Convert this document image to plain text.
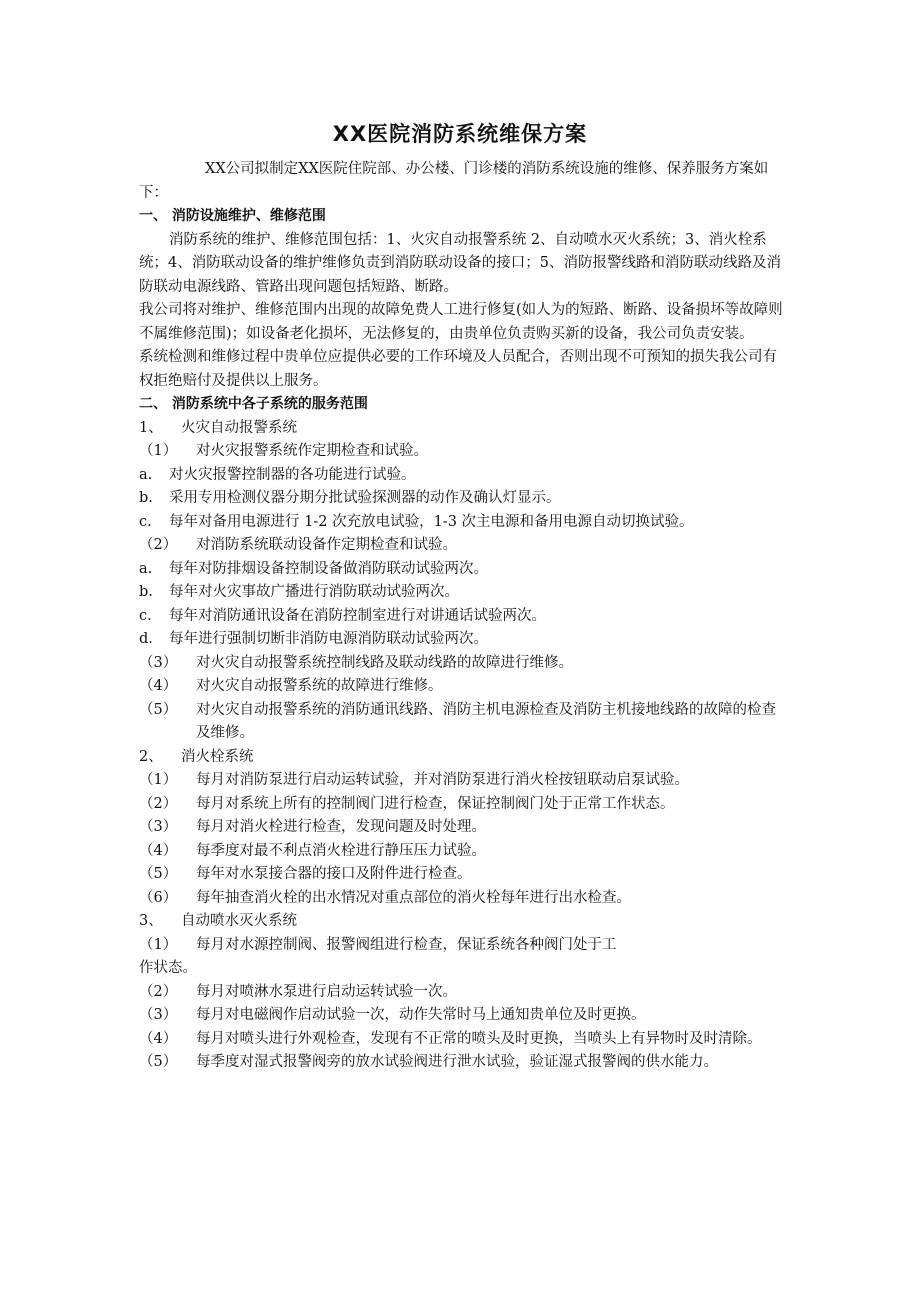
XX医院消防系统维保方案
XX公司拟制定XX医院住院部、办公楼、门诊楼的消防系统设施的维修、保养服务方案如下：
一、 消防设施维护、维修范围
消防系统的维护、维修范围包括：1、火灾自动报警系统 2、自动喷水灭火系统；3、消火栓系统；4、消防联动设备的维护维修负责到消防联动设备的接口；5、消防报警线路和消防联动线路及消防联动电源线路、管路出现问题包括短路、断路。
我公司将对维护、维修范围内出现的故障免费人工进行修复(如人为的短路、断路、设备损坏等故障则不属维修范围)；如设备老化损坏，无法修复的，由贵单位负责购买新的设备，我公司负责安装。
系统检测和维修过程中贵单位应提供必要的工作环境及人员配合，否则出现不可预知的损失我公司有权拒绝赔付及提供以上服务。
二、 消防系统中各子系统的服务范围
1、	火灾自动报警系统
（1）	对火灾报警系统作定期检查和试验。
a.	对火灾报警控制器的各功能进行试验。
b.	采用专用检测仪器分期分批试验探测器的动作及确认灯显示。
c.	每年对备用电源进行 1-2 次充放电试验，1-3 次主电源和备用电源自动切换试验。
（2）	对消防系统联动设备作定期检查和试验。
a.	每年对防排烟设备控制设备做消防联动试验两次。
b.	每年对火灾事故广播进行消防联动试验两次。
c.	每年对消防通讯设备在消防控制室进行对讲通话试验两次。
d.	每年进行强制切断非消防电源消防联动试验两次。
（3）	对火灾自动报警系统控制线路及联动线路的故障进行维修。
（4）	对火灾自动报警系统的故障进行维修。
（5）	对火灾自动报警系统的消防通讯线路、消防主机电源检查及消防主机接地线路的故障的检查及维修。
2、	消火栓系统
（1）	每月对消防泵进行启动运转试验，并对消防泵进行消火栓按钮联动启泵试验。
（2）	每月对系统上所有的控制阀门进行检查，保证控制阀门处于正常工作状态。
（3）	每月对消火栓进行检查，发现问题及时处理。
（4）	每季度对最不利点消火栓进行静压压力试验。
（5）	每年对水泵接合器的接口及附件进行检查。
（6）	每年抽查消火栓的出水情况对重点部位的消火栓每年进行出水检查。
3、	自动喷水灭火系统
（1）	每月对水源控制阀、报警阀组进行检查，保证系统各种阀门处于工
作状态。
（2）	每月对喷淋水泵进行启动运转试验一次。
（3）	每月对电磁阀作启动试验一次，动作失常时马上通知贵单位及时更换。
（4）	每月对喷头进行外观检查，发现有不正常的喷头及时更换，当喷头上有异物时及时清除。
（5）	每季度对湿式报警阀旁的放水试验阀进行泄水试验，验证湿式报警阀的供水能力。
